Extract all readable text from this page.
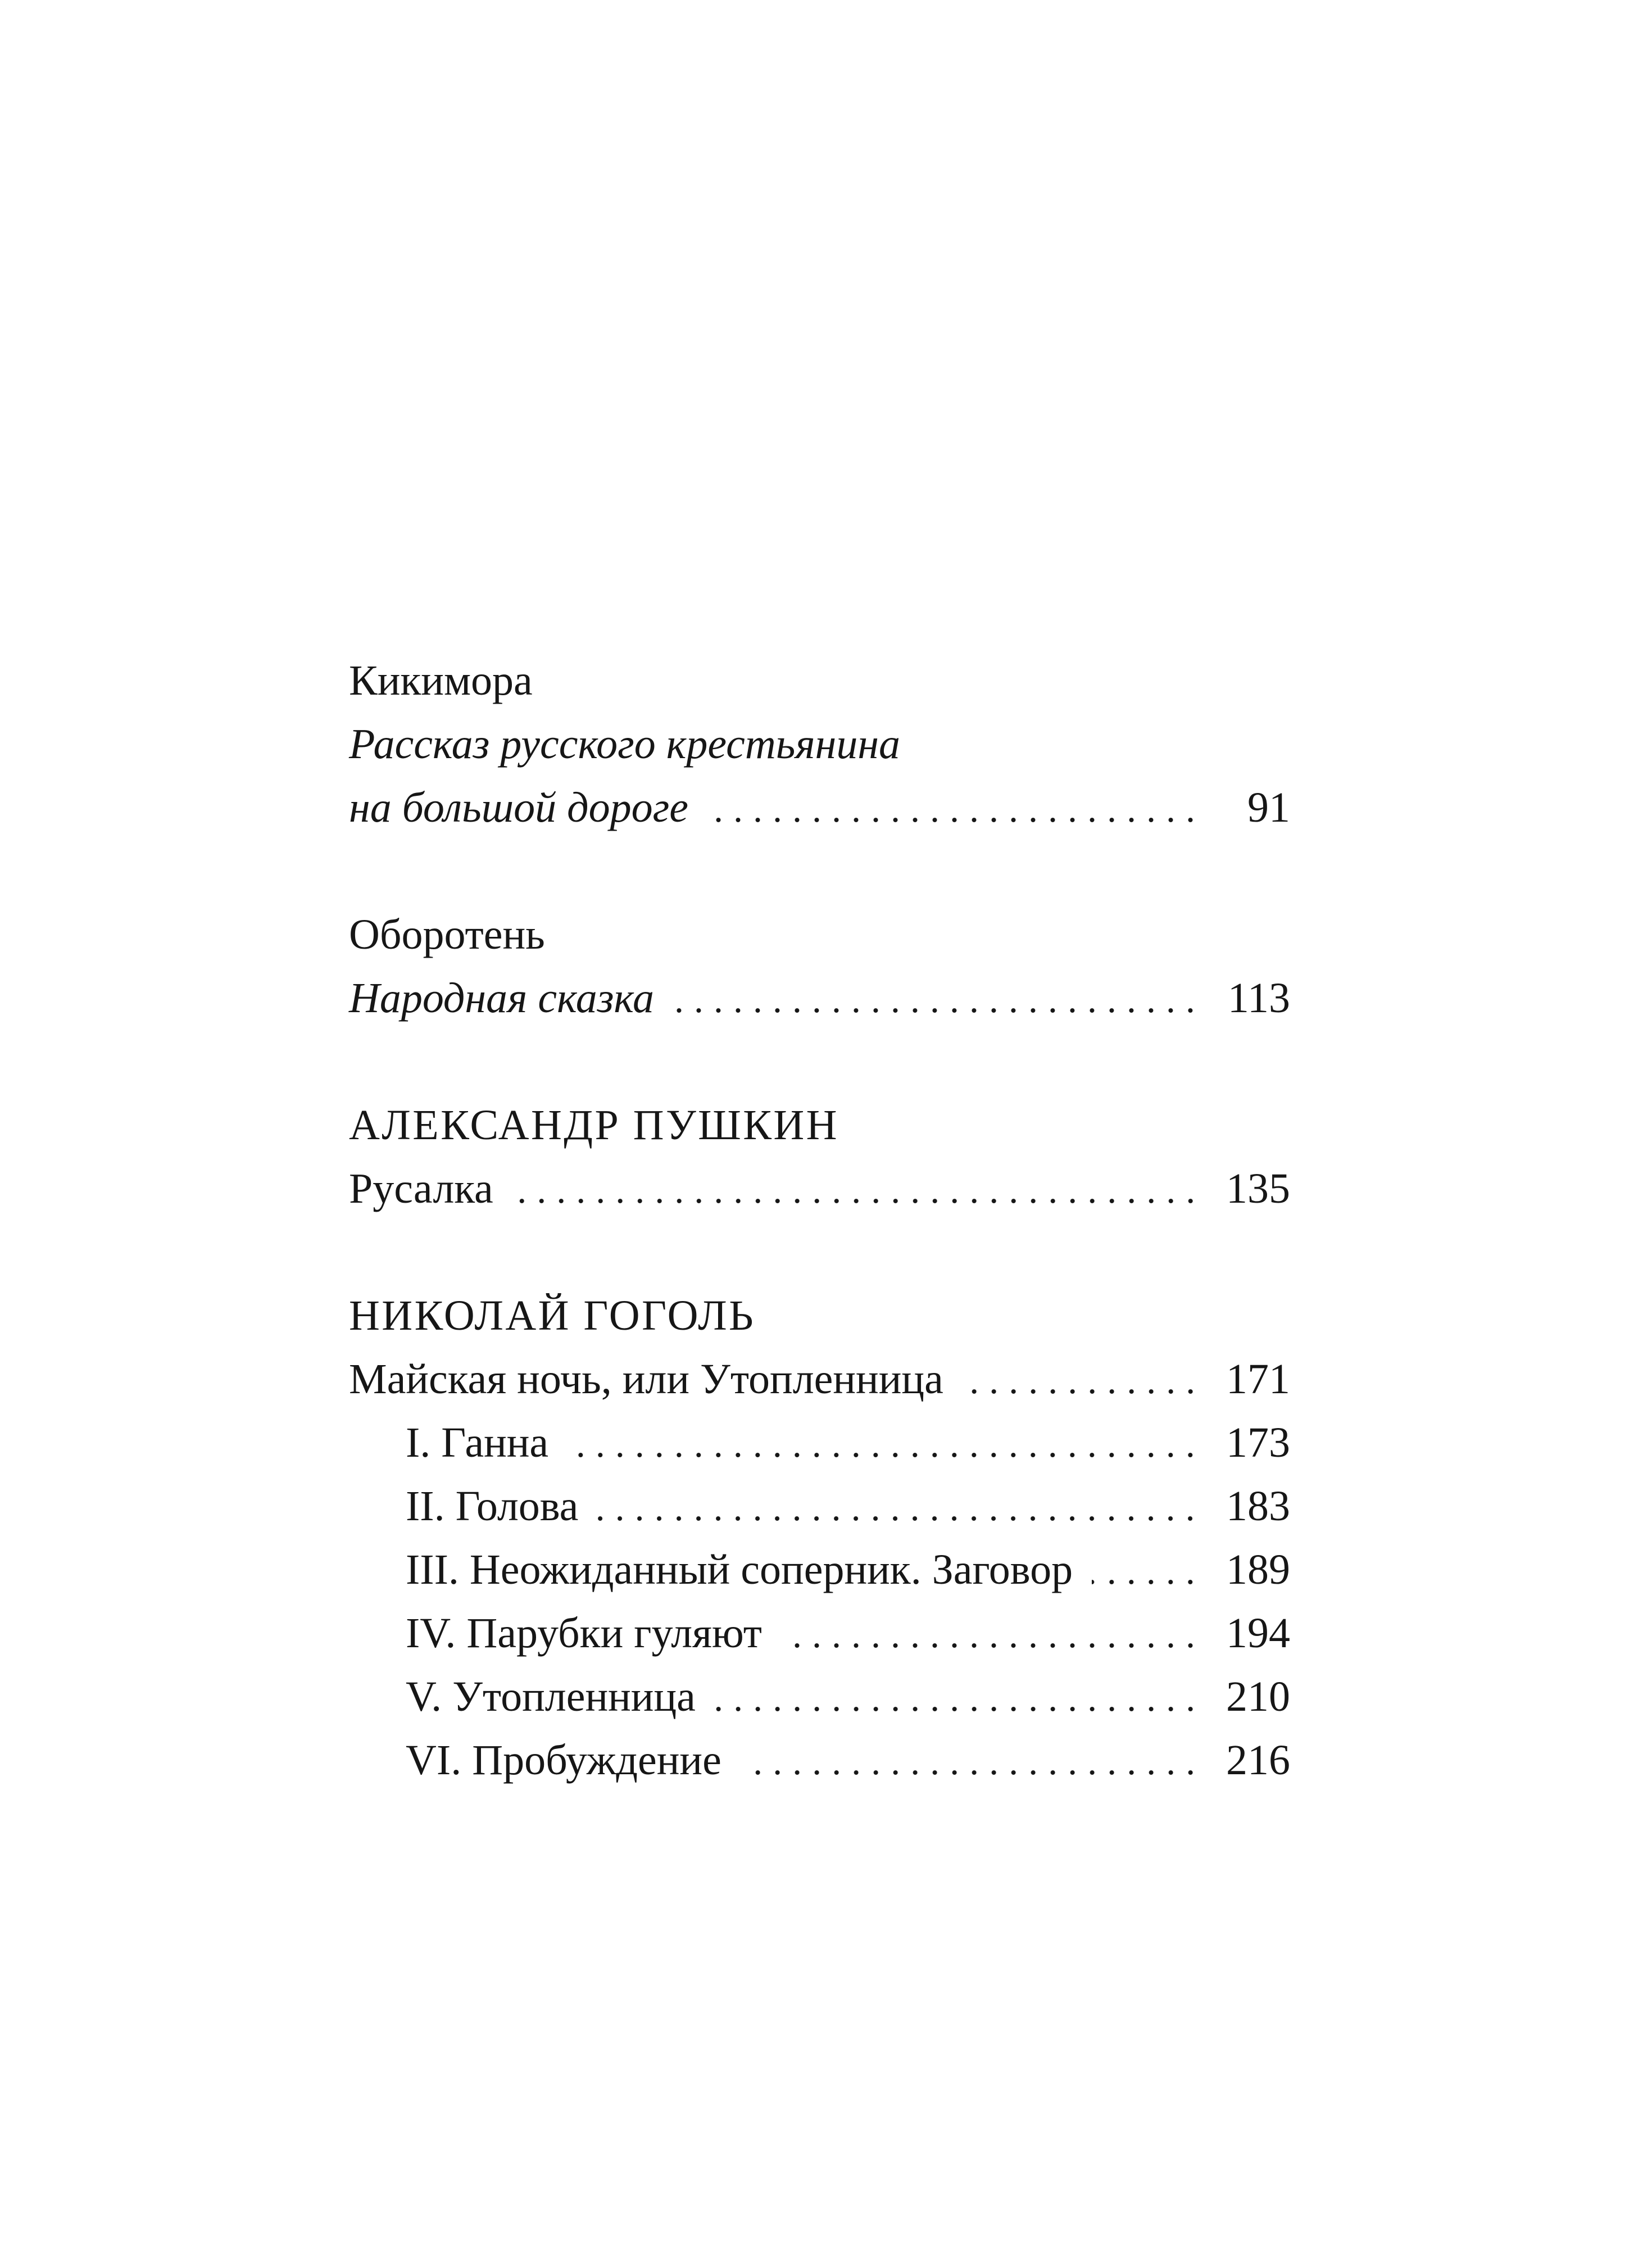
Кикимора
Рассказ русского крестьянина
на большой дороге	91
Оборотень
Народная сказка	113
АЛЕКСАНДР ПУШКИН
Русалка	135
НИКОЛАЙ ГОГОЛЬ
Майская ночь, или Утопленница	171
I. Ганна	173
II. Голова	183
III. Неожиданный соперник. Заговор	189
IV. Парубки гуляют	194
V. Утопленница	210
VI. Пробуждение	216
